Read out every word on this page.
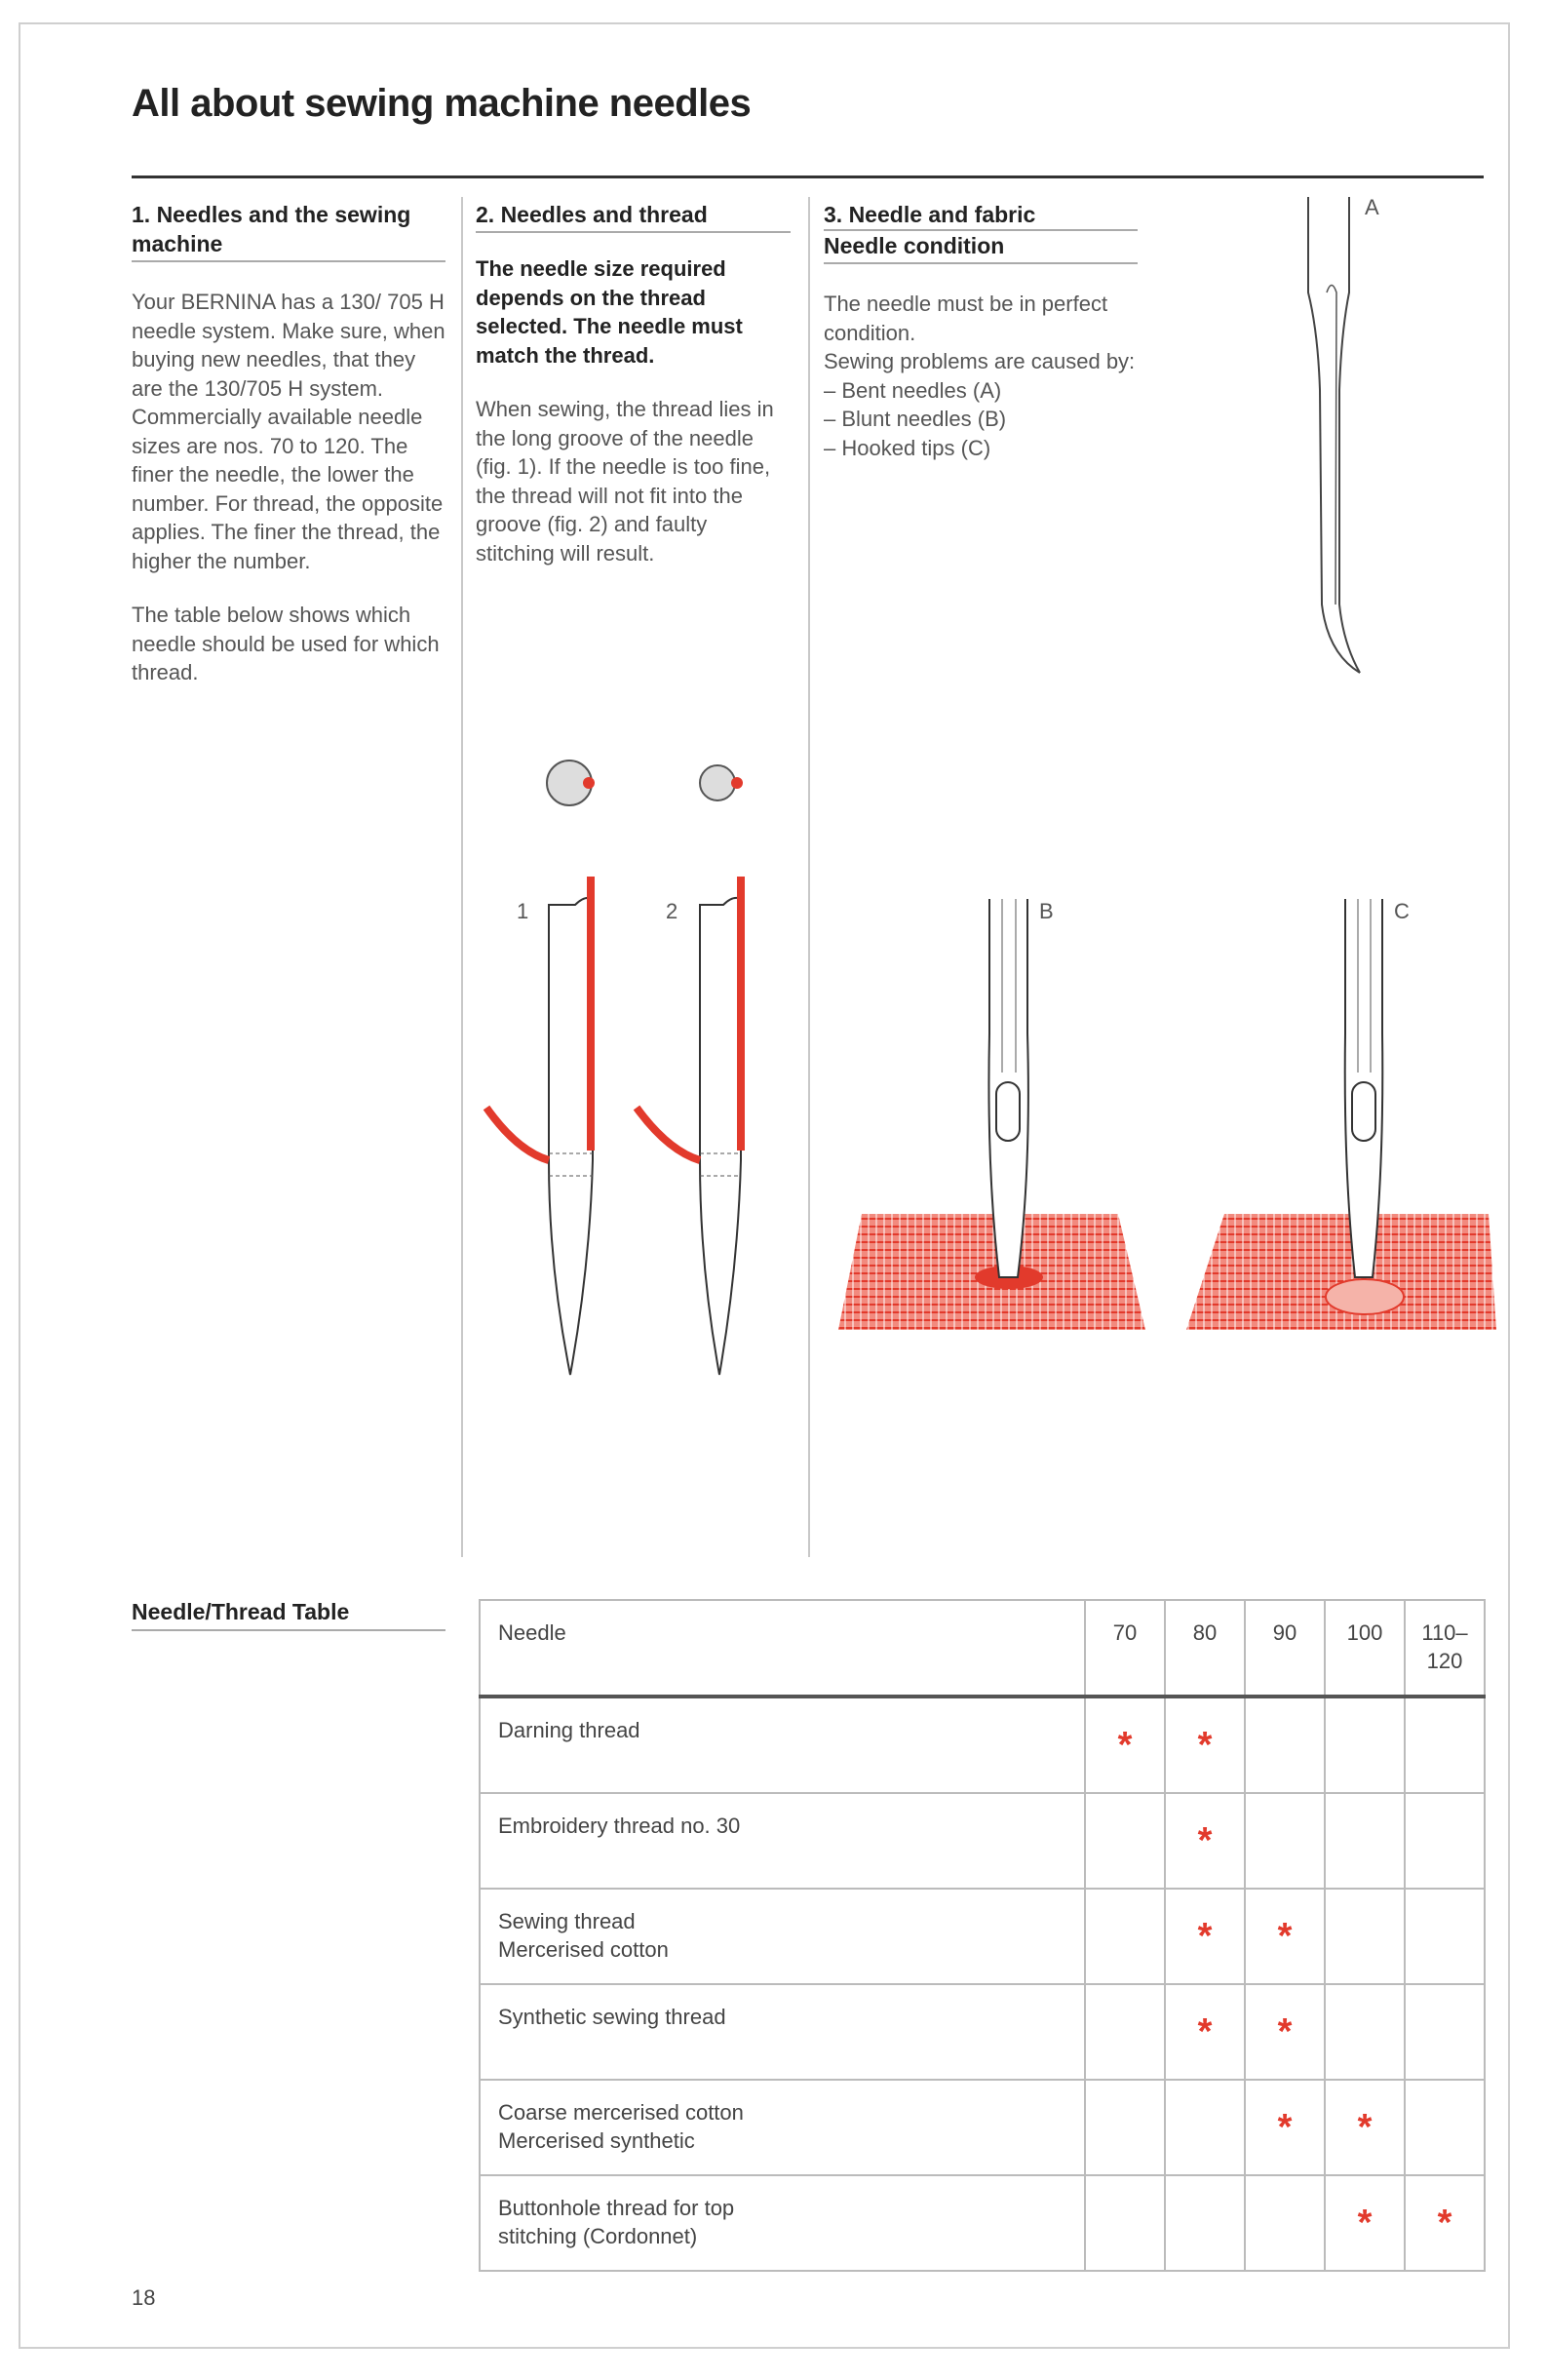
All about sewing machine needles
1. Needles and the sewing machine

Your BERNINA has a 130/ 705 H needle system. Make sure, when buying new needles, that they are the 130/705 H system. Commercially available needle sizes are nos. 70 to 120. The finer the needle, the lower the number. For thread, the opposite applies. The finer the thread, the higher the number.

The table below shows which needle should be used for which thread.

2. Needles and thread

The needle size required depends on the thread selected. The needle must match the thread.

When sewing, the thread lies in the long groove of the needle (fig. 1). If the needle is too fine, the thread will not fit into the groove (fig. 2) and faulty stitching will result.

3. Needle and fabric
Needle condition

The needle must be in perfect condition.
Sewing problems are caused by:
– Bent needles (A)
– Blunt needles (B)
– Hooked tips (C)

1	2
A
B	C
Needle/Thread Table
Needle	70	80	90	100	110–
120
Darning thread	*	*			
Embroidery thread no. 30		*			
Sewing thread
Mercerised cotton		*	*		
Synthetic sewing thread		*	*		
Coarse mercerised cotton
Mercerised synthetic			*	*	
Buttonhole thread for top
stitching (Cordonnet)				*	*
18
